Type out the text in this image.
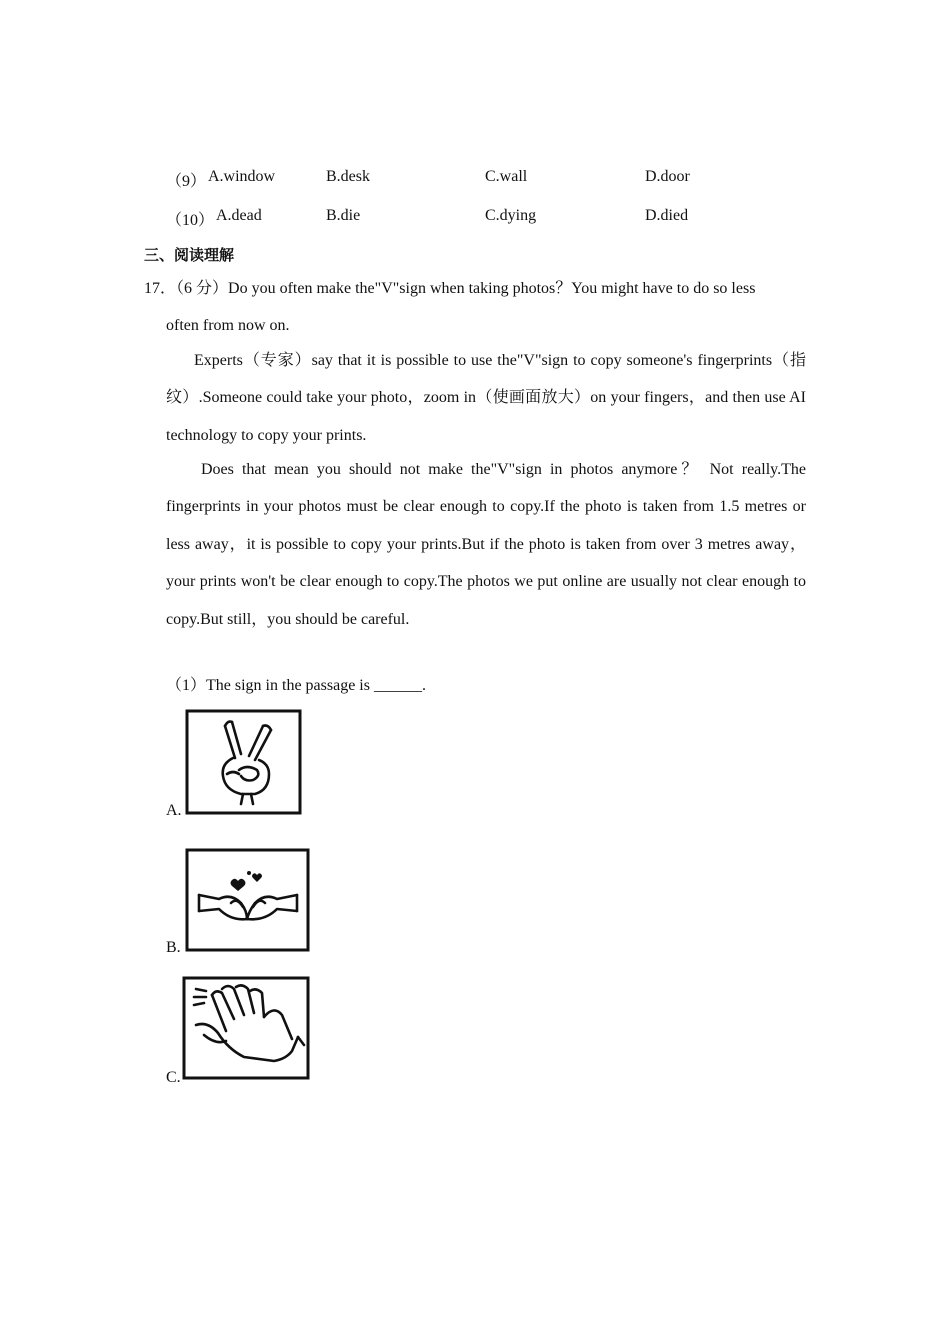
（9） A.window	B.desk	C.wall	D.door
（10） A.dead	B.die	C.dying	D.died
三、阅读理解
17．（6 分）Do you often make the"V"sign when taking photos？You might have to do so less
often from now on.
Experts（专家）say that it is possible to use the"V"sign to copy someone's fingerprints（指纹）.Someone could take your photo，zoom in（使画面放大）on your fingers，and then use AI technology to copy your prints.
Does that mean you should not make the"V"sign in photos anymore？ Not really.The fingerprints in your photos must be clear enough to copy.If the photo is taken from 1.5 metres or less away，it is possible to copy your prints.But if the photo is taken from over 3 metres away， your prints won't be clear enough to copy.The photos we put online are usually not clear enough to copy.But still，you should be careful.
（1）The sign in the passage is ______.
A.
B.
C.
